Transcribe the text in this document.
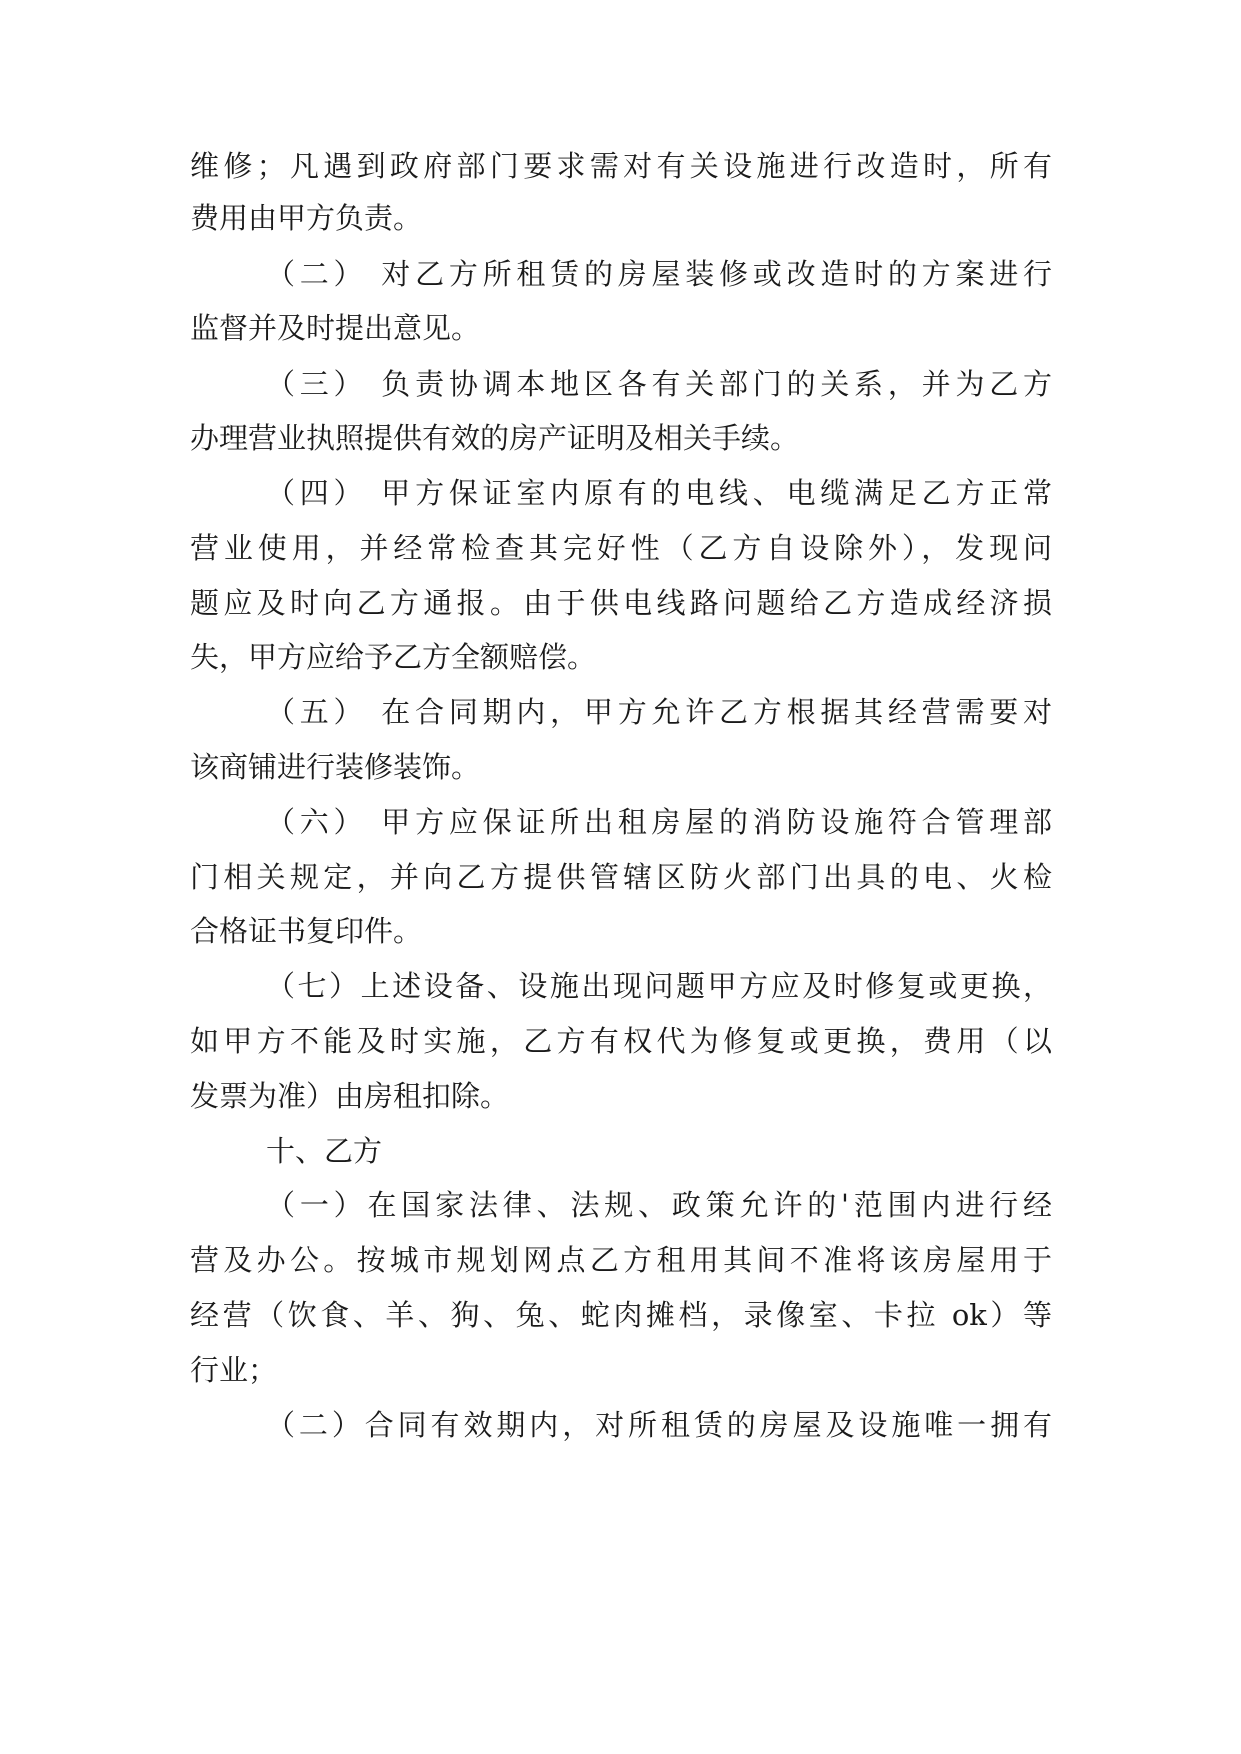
维修；凡遇到政府部门要求需对有关设施进行改造时，所有
费用由甲方负责。
（二） 对乙方所租赁的房屋装修或改造时的方案进行
监督并及时提出意见。
（三） 负责协调本地区各有关部门的关系，并为乙方
办理营业执照提供有效的房产证明及相关手续。
（四） 甲方保证室内原有的电线、电缆满足乙方正常
营业使用，并经常检查其完好性（乙方自设除外），发现问
题应及时向乙方通报。由于供电线路问题给乙方造成经济损
失，甲方应给予乙方全额赔偿。
（五） 在合同期内，甲方允许乙方根据其经营需要对
该商铺进行装修装饰。
（六） 甲方应保证所出租房屋的消防设施符合管理部
门相关规定，并向乙方提供管辖区防火部门出具的电、火检
合格证书复印件。
（七）上述设备、设施出现问题甲方应及时修复或更换，
如甲方不能及时实施，乙方有权代为修复或更换，费用（以
发票为准）由房租扣除。
十、乙方
（一）在国家法律、法规、政策允许的'范围内进行经
营及办公。按城市规划网点乙方租用其间不准将该房屋用于
经营（饮食、羊、狗、兔、蛇肉摊档，录像室、卡拉 ok）等
行业；
（二）合同有效期内，对所租赁的房屋及设施唯一拥有
